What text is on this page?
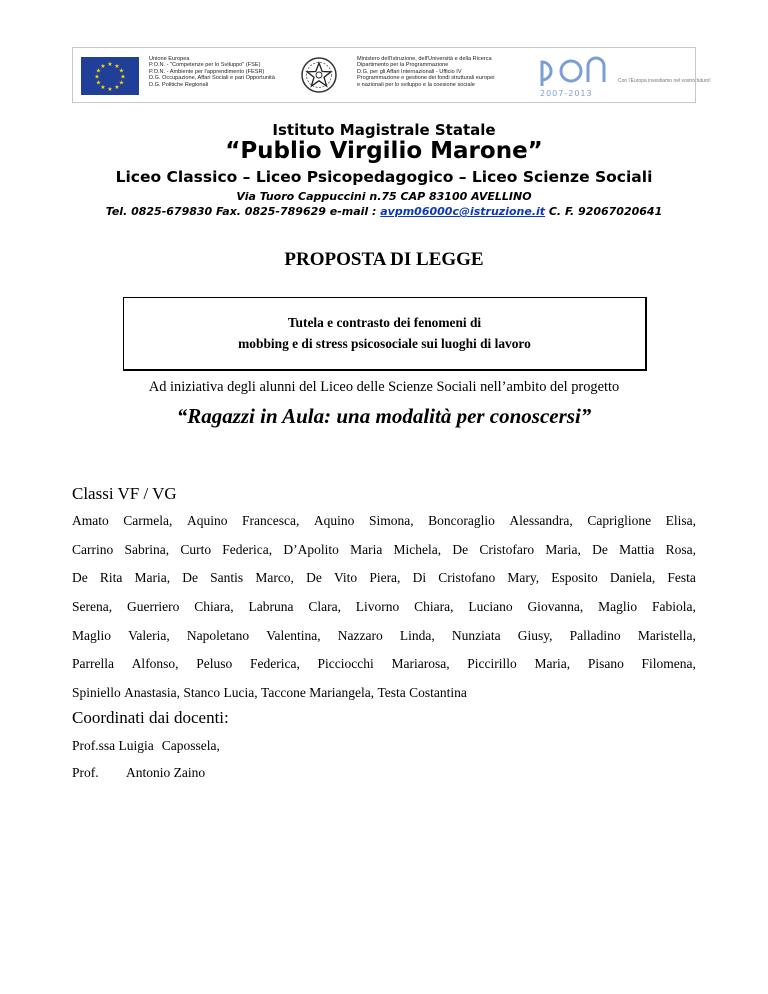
★ ★
★
★
★
★
★
★
★
★
★
★
Unione Europea
P.O.N. - "Competenze per lo Sviluppo" (FSE)
P.O.N. - Ambiente per l'apprendimento (FESR)
D.G. Occupazione, Affari Sociali e pari Opportunità
D.G. Politiche Regionali
Ministero dell'Istruzione, dell'Università e della Ricerca
Dipartimento per la Programmazione
D.G. per gli Affari Internazionali - Ufficio IV
Programmazione e gestione dei fondi strutturali europei
e nazionali per lo sviluppo e la coesione sociale
2007-2013
Con l'Europa investiamo nel vostro futuro!
Istituto Magistrale Statale
“Publio Virgilio Marone”
Liceo Classico – Liceo Psicopedagogico – Liceo Scienze Sociali
Via Tuoro Cappuccini n.75 CAP 83100 AVELLINO
Tel. 0825-679830 Fax. 0825-789629 e-mail : avpm06000c@istruzione.it C. F. 92067020641
PROPOSTA DI LEGGE
Tutela e contrasto dei fenomeni di
mobbing e di stress psicosociale sui luoghi di lavoro
Ad iniziativa degli alunni del Liceo delle Scienze Sociali nell’ambito del progetto
“Ragazzi in Aula: una modalità per conoscersi”
Classi VF / VG
Amato Carmela, Aquino Francesca, Aquino Simona, Boncoraglio Alessandra, Capriglione Elisa,
Carrino Sabrina, Curto Federica, D’Apolito Maria Michela, De Cristofaro Maria, De Mattia Rosa,
De Rita Maria, De Santis Marco, De Vito Piera, Di Cristofano Mary, Esposito Daniela, Festa
Serena, Guerriero Chiara, Labruna Clara, Livorno Chiara, Luciano Giovanna, Maglio Fabiola,
Maglio Valeria, Napoletano Valentina, Nazzaro Linda, Nunziata Giusy, Palladino Maristella,
Parrella Alfonso, Peluso Federica, Picciocchi Mariarosa, Piccirillo Maria, Pisano Filomena,
Spiniello Anastasia, Stanco Lucia, Taccone Mariangela, Testa Costantina
Coordinati dai docenti:
Prof.ssa Luigia Capossela,
Prof. Antonio Zaino
